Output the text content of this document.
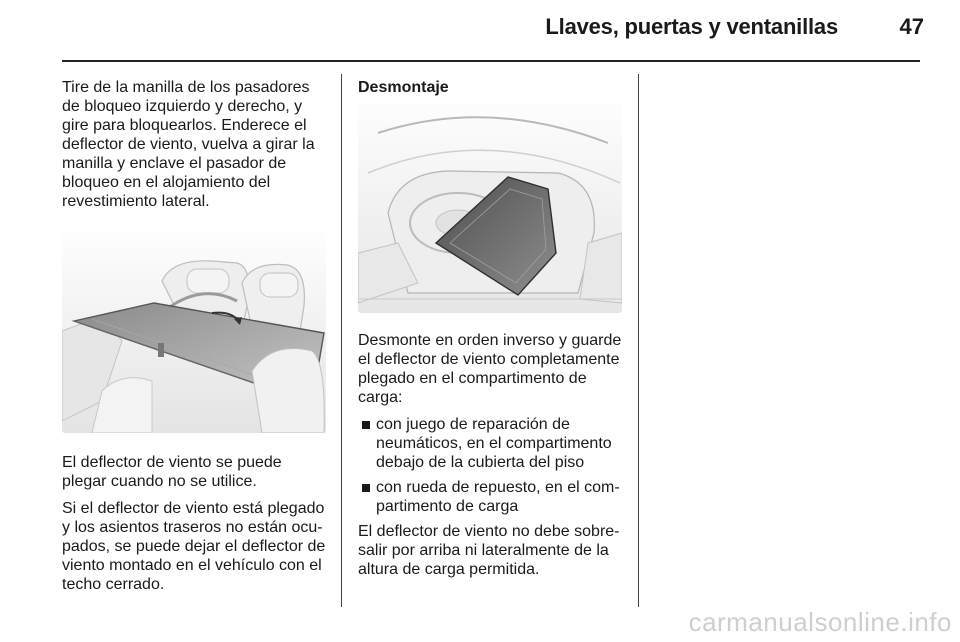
Llaves, puertas y ventanillas	47

Tire de la manilla de los pasadores de bloqueo izquierdo y derecho, y gire para bloquearlos. Enderece el deflector de viento, vuelva a girar la manilla y enclave el pasador de bloqueo en el alojamiento del revestimiento lateral.

El deflector de viento se puede plegar cuando no se utilice.

Si el deflector de viento está plegado y los asientos traseros no están ocupados, se puede dejar el deflector de viento montado en el vehículo con el techo cerrado.

Desmontaje

Desmonte en orden inverso y guarde el deflector de viento completamente plegado en el compartimento de carga:

con juego de reparación de neumáticos, en el compartimento debajo de la cubierta del piso
con rueda de repuesto, en el compartimento de carga

El deflector de viento no debe sobresalir por arriba ni lateralmente de la altura de carga permitida.

carmanualsonline.info
